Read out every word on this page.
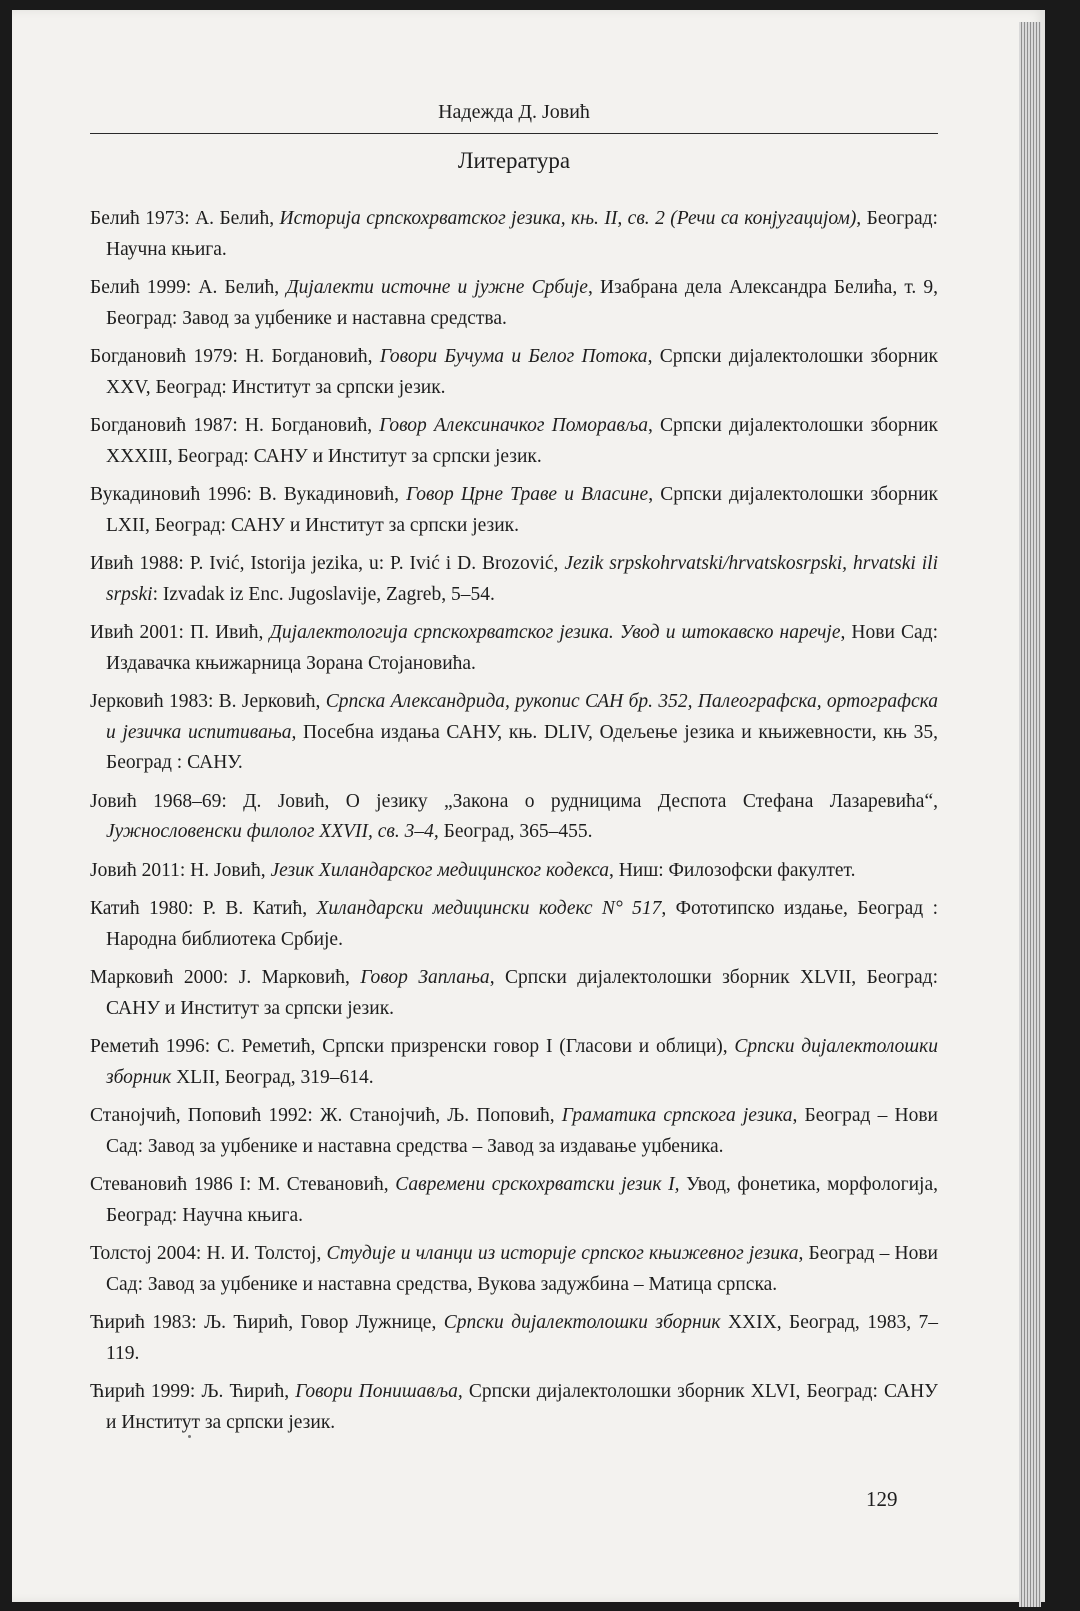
Надежда Д. Јовић
Литература

Белић 1973: А. Белић, Историја српскохрватског језика, књ. II, св. 2 (Речи са конјугацијом), Београд: Научна књига.

Белић 1999: А. Белић, Дијалекти источне и јужне Србије, Изабрана дела Александра Белића, т. 9, Београд: Завод за уџбенике и наставна средства.

Богдановић 1979: Н. Богдановић, Говори Бучума и Белог Потока, Српски дијалектолошки зборник XXV, Београд: Институт за српски језик.

Богдановић 1987: Н. Богдановић, Говор Алексиначког Поморавља, Српски дијалектолошки зборник XXXIII, Београд: САНУ и Институт за српски језик.

Вукадиновић 1996: В. Вукадиновић, Говор Црне Траве и Власине, Српски дијалектолошки зборник LXII, Београд: САНУ и Институт за српски језик.

Ивић 1988: P. Ivić, Istorija jezika, u: P. Ivić i D. Brozović, Jezik srpskohrvatski/hrvatskosrpski, hrvatski ili srpski: Izvadak iz Enc. Jugoslavije, Zagreb, 5–54.

Ивић 2001: П. Ивић, Дијалектологија српскохрватског језика. Увод и штокавско наречје, Нови Сад: Издавачка књижарница Зорана Стојановића.

Јерковић 1983: В. Јерковић, Српска Александрида, рукопис САН бр. 352, Палеографска, ортографска и језичка испитивања, Посебна издања САНУ, књ. DLIV, Одељење језика и књижевности, књ 35, Београд : САНУ.

Јовић 1968–69: Д. Јовић, О језику „Закона о рудницима Деспота Стефана Лазаревића“, Јужнословенски филолог XXVII, св. 3–4, Београд, 365–455.

Јовић 2011: Н. Јовић, Језик Хиландарског медицинског кодекса, Ниш: Филозофски факултет.

Катић 1980: Р. В. Катић, Хиландарски медицински кодекс N° 517, Фототипско издање, Београд : Народна библиотека Србије.

Марковић 2000: Ј. Марковић, Говор Заплања, Српски дијалектолошки зборник XLVII, Београд: САНУ и Институт за српски језик.

Реметић 1996: С. Реметић, Српски призренски говор I (Гласови и облици), Српски дијалектолошки зборник XLII, Београд, 319–614.

Станојчић, Поповић 1992: Ж. Станојчић, Љ. Поповић, Граматика српскога језика, Београд – Нови Сад: Завод за уџбенике и наставна средства – Завод за издавање уџбеника.

Стевановић 1986 I: М. Стевановић, Савремени срскохрватски језик I, Увод, фонетика, морфологија, Београд: Научна књига.

Толстој 2004: Н. И. Толстој, Студије и чланци из историје српског књижевног језика, Београд – Нови Сад: Завод за уџбенике и наставна средства, Вукова задужбина – Матица српска.

Ћирић 1983: Љ. Ћирић, Говор Лужнице, Српски дијалектолошки зборник XXIX, Београд, 1983, 7–119.

Ћирић 1999: Љ. Ћирић, Говори Понишавља, Српски дијалектолошки зборник XLVI, Београд: САНУ и Институт за српски језик.

129
